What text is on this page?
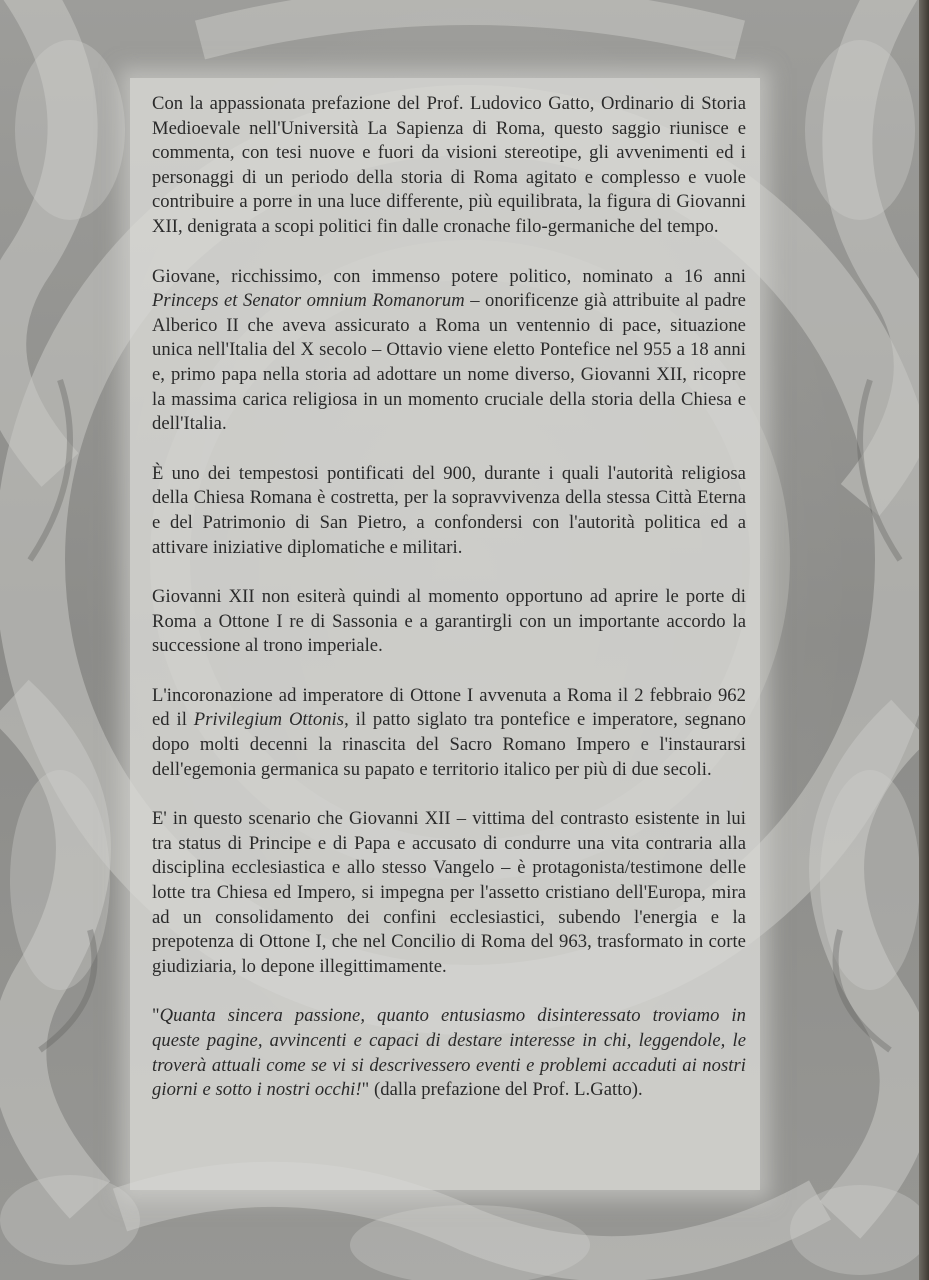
Con la appassionata prefazione del Prof. Ludovico Gatto, Ordinario di Storia Medioevale nell'Università La Sapienza di Roma, questo saggio riunisce e commenta, con tesi nuove e fuori da visioni stereotipe, gli avvenimenti ed i personaggi di un periodo della storia di Roma agitato e complesso e vuole contribuire a porre in una luce differente, più equilibrata, la figura di Giovanni XII, denigrata a scopi politici fin dalle cronache filo-germaniche del tempo.

Giovane, ricchissimo, con immenso potere politico, nominato a 16 anni Princeps et Senator omnium Romanorum – onorificenze già attribuite al padre Alberico II che aveva assicurato a Roma un ventennio di pace, situazione unica nell'Italia del X secolo – Ottavio viene eletto Pontefice nel 955 a 18 anni e, primo papa nella storia ad adottare un nome diverso, Giovanni XII, ricopre la massima carica religiosa in un momento cruciale della storia della Chiesa e dell'Italia.

È uno dei tempestosi pontificati del 900, durante i quali l'autorità religiosa della Chiesa Romana è costretta, per la sopravvivenza della stessa Città Eterna e del Patrimonio di San Pietro, a confondersi con l'autorità politica ed a attivare iniziative diplomatiche e militari.

Giovanni XII non esiterà quindi al momento opportuno ad aprire le porte di Roma a Ottone I re di Sassonia e a garantirgli con un importante accordo la successione al trono imperiale.

L'incoronazione ad imperatore di Ottone I avvenuta a Roma il 2 febbraio 962 ed il Privilegium Ottonis, il patto siglato tra pontefice e imperatore, segnano dopo molti decenni la rinascita del Sacro Romano Impero e l'instaurarsi dell'egemonia germanica su papato e territorio italico per più di due secoli.

E' in questo scenario che Giovanni XII – vittima del contrasto esistente in lui tra status di Principe e di Papa e accusato di condurre una vita contraria alla disciplina ecclesiastica e allo stesso Vangelo – è protagonista/testimone delle lotte tra Chiesa ed Impero, si impegna per l'assetto cristiano dell'Europa, mira ad un consolidamento dei confini ecclesiastici, subendo l'energia e la prepotenza di Ottone I, che nel Concilio di Roma del 963, trasformato in corte giudiziaria, lo depone illegittimamente.

"Quanta sincera passione, quanto entusiasmo disinteressato troviamo in queste pagine, avvincenti e capaci di destare interesse in chi, leggendole, le troverà attuali come se vi si descrivessero eventi e problemi accaduti ai nostri giorni e sotto i nostri occhi!" (dalla prefazione del Prof. L.Gatto).
